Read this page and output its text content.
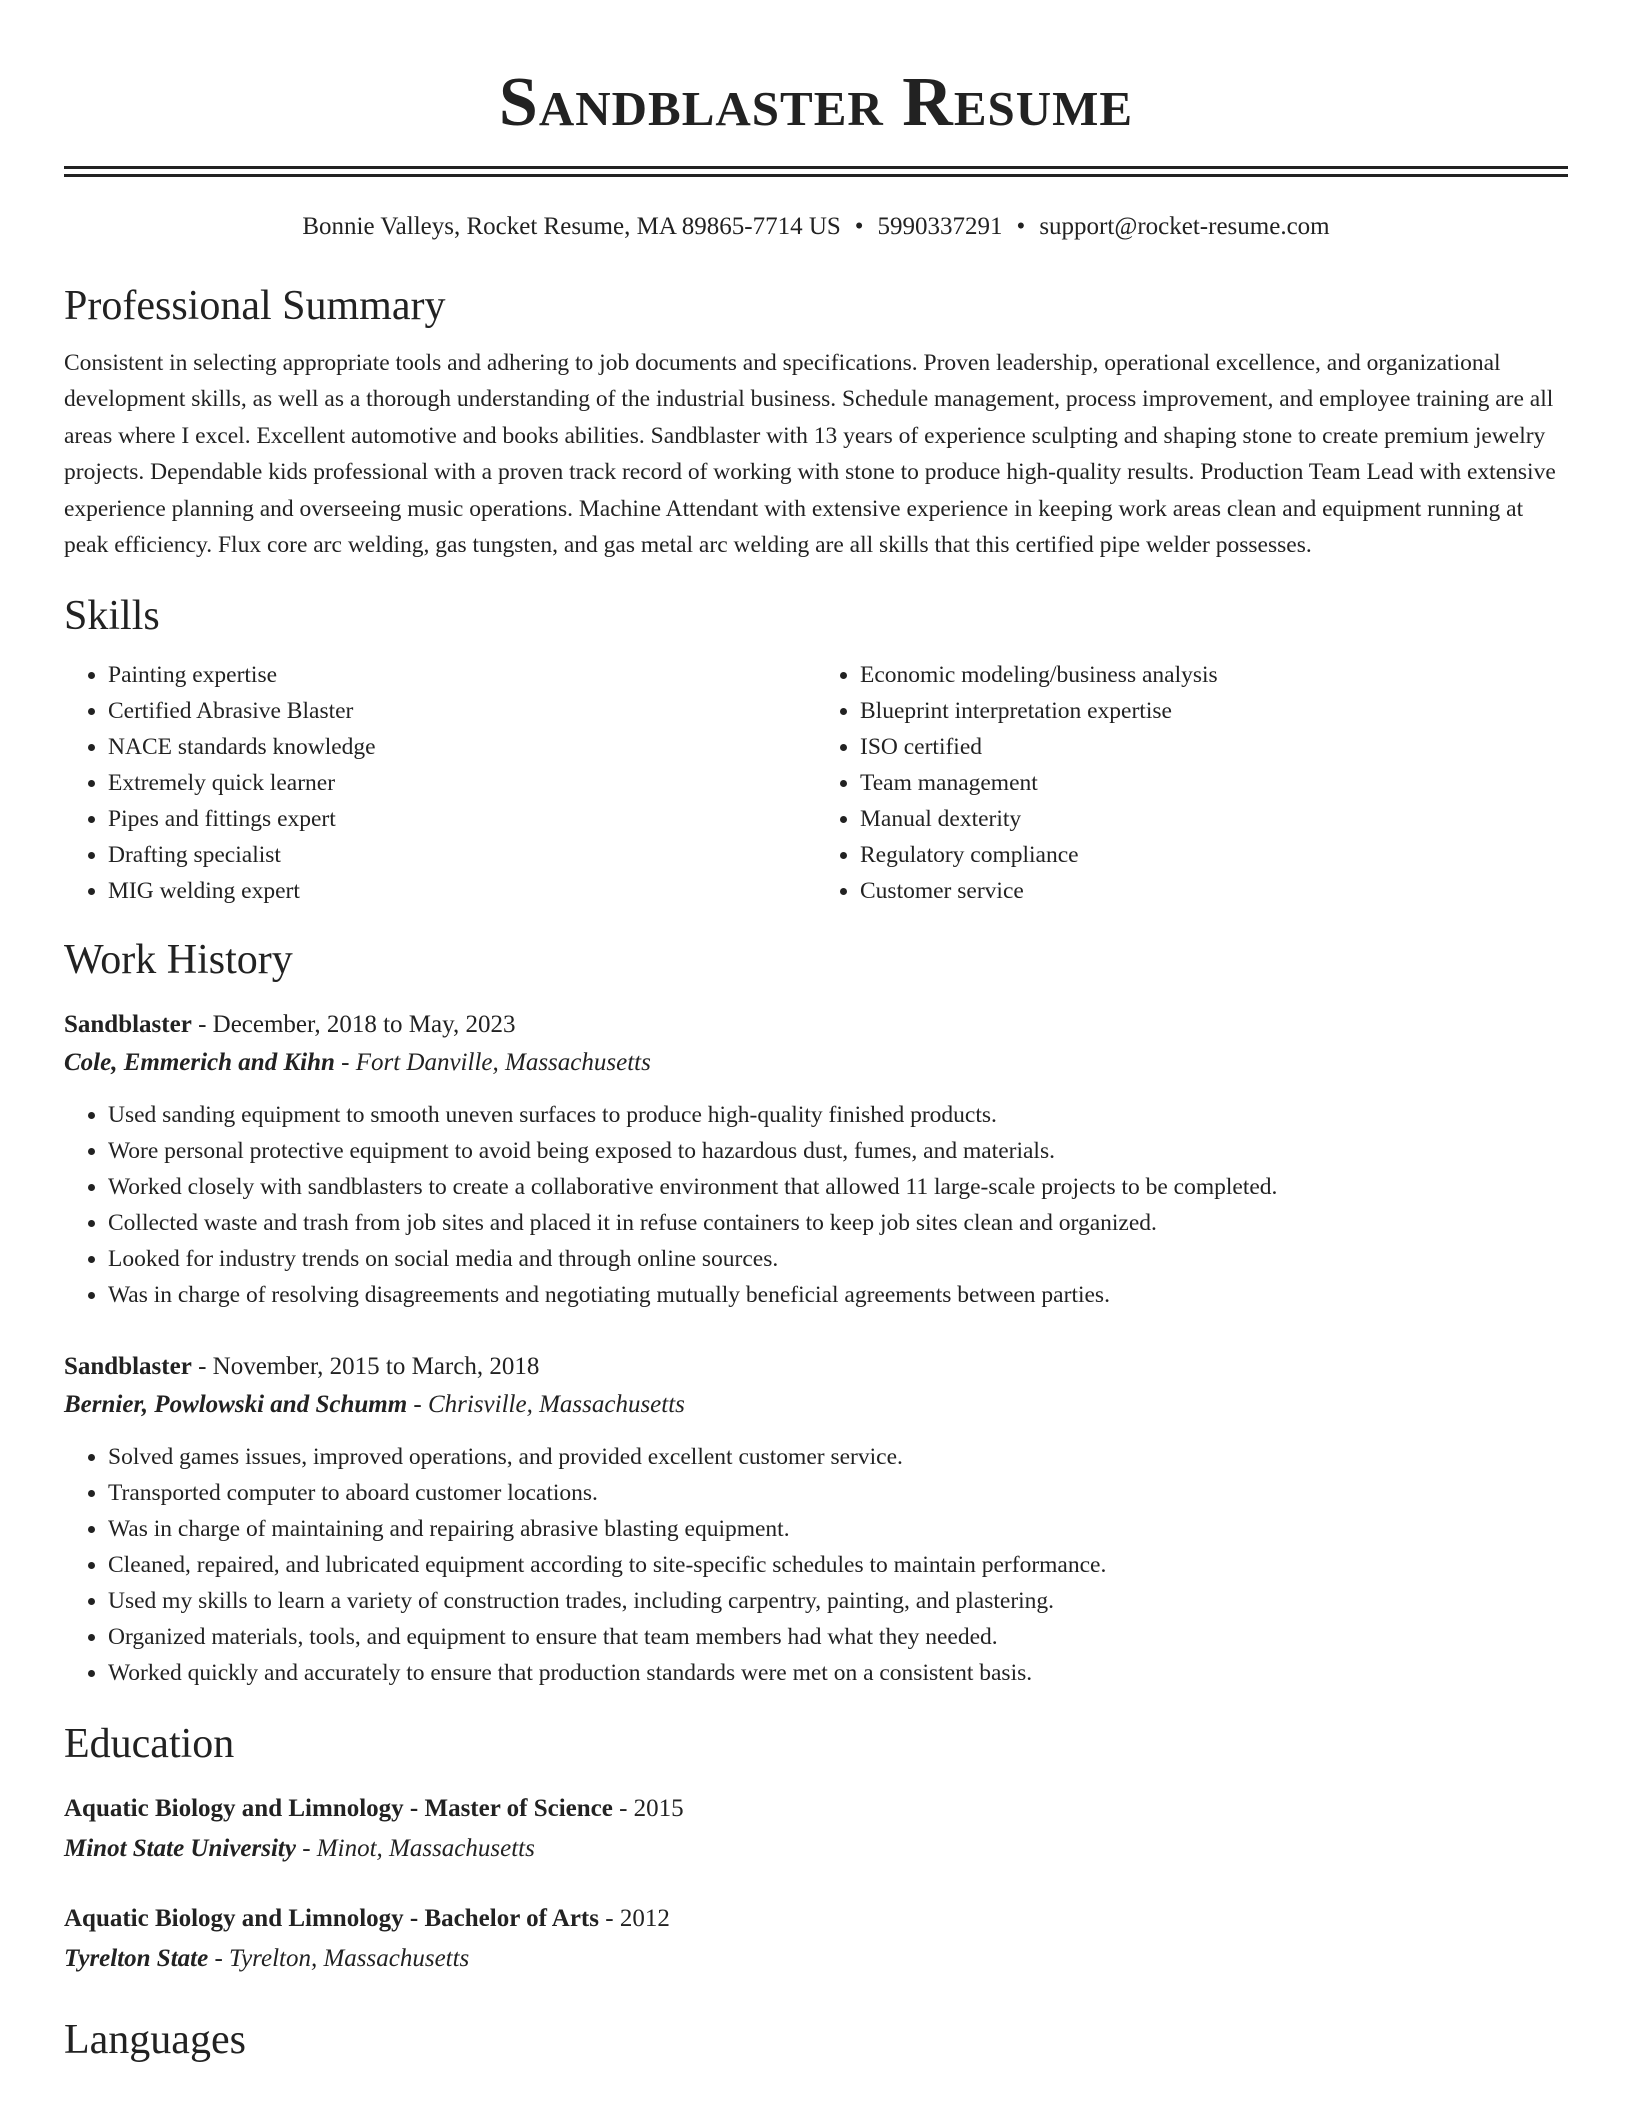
Sandblaster Resume
Bonnie Valleys, Rocket Resume, MA 89865-7714 US • 5990337291 • support@rocket-resume.com
Professional Summary
Consistent in selecting appropriate tools and adhering to job documents and specifications. Proven leadership, operational excellence, and organizational development skills, as well as a thorough understanding of the industrial business. Schedule management, process improvement, and employee training are all areas where I excel. Excellent automotive and books abilities. Sandblaster with 13 years of experience sculpting and shaping stone to create premium jewelry projects. Dependable kids professional with a proven track record of working with stone to produce high-quality results. Production Team Lead with extensive experience planning and overseeing music operations. Machine Attendant with extensive experience in keeping work areas clean and equipment running at peak efficiency. Flux core arc welding, gas tungsten, and gas metal arc welding are all skills that this certified pipe welder possesses.
Skills
• Painting expertise
• Certified Abrasive Blaster
• NACE standards knowledge
• Extremely quick learner
• Pipes and fittings expert
• Drafting specialist
• MIG welding expert
• Economic modeling/business analysis
• Blueprint interpretation expertise
• ISO certified
• Team management
• Manual dexterity
• Regulatory compliance
• Customer service
Work History
Sandblaster - December, 2018 to May, 2023
Cole, Emmerich and Kihn - Fort Danville, Massachusetts
• Used sanding equipment to smooth uneven surfaces to produce high-quality finished products.
• Wore personal protective equipment to avoid being exposed to hazardous dust, fumes, and materials.
• Worked closely with sandblasters to create a collaborative environment that allowed 11 large-scale projects to be completed.
• Collected waste and trash from job sites and placed it in refuse containers to keep job sites clean and organized.
• Looked for industry trends on social media and through online sources.
• Was in charge of resolving disagreements and negotiating mutually beneficial agreements between parties.
Sandblaster - November, 2015 to March, 2018
Bernier, Powlowski and Schumm - Chrisville, Massachusetts
• Solved games issues, improved operations, and provided excellent customer service.
• Transported computer to aboard customer locations.
• Was in charge of maintaining and repairing abrasive blasting equipment.
• Cleaned, repaired, and lubricated equipment according to site-specific schedules to maintain performance.
• Used my skills to learn a variety of construction trades, including carpentry, painting, and plastering.
• Organized materials, tools, and equipment to ensure that team members had what they needed.
• Worked quickly and accurately to ensure that production standards were met on a consistent basis.
Education
Aquatic Biology and Limnology - Master of Science - 2015
Minot State University - Minot, Massachusetts
Aquatic Biology and Limnology - Bachelor of Arts - 2012
Tyrelton State - Tyrelton, Massachusetts
Languages
